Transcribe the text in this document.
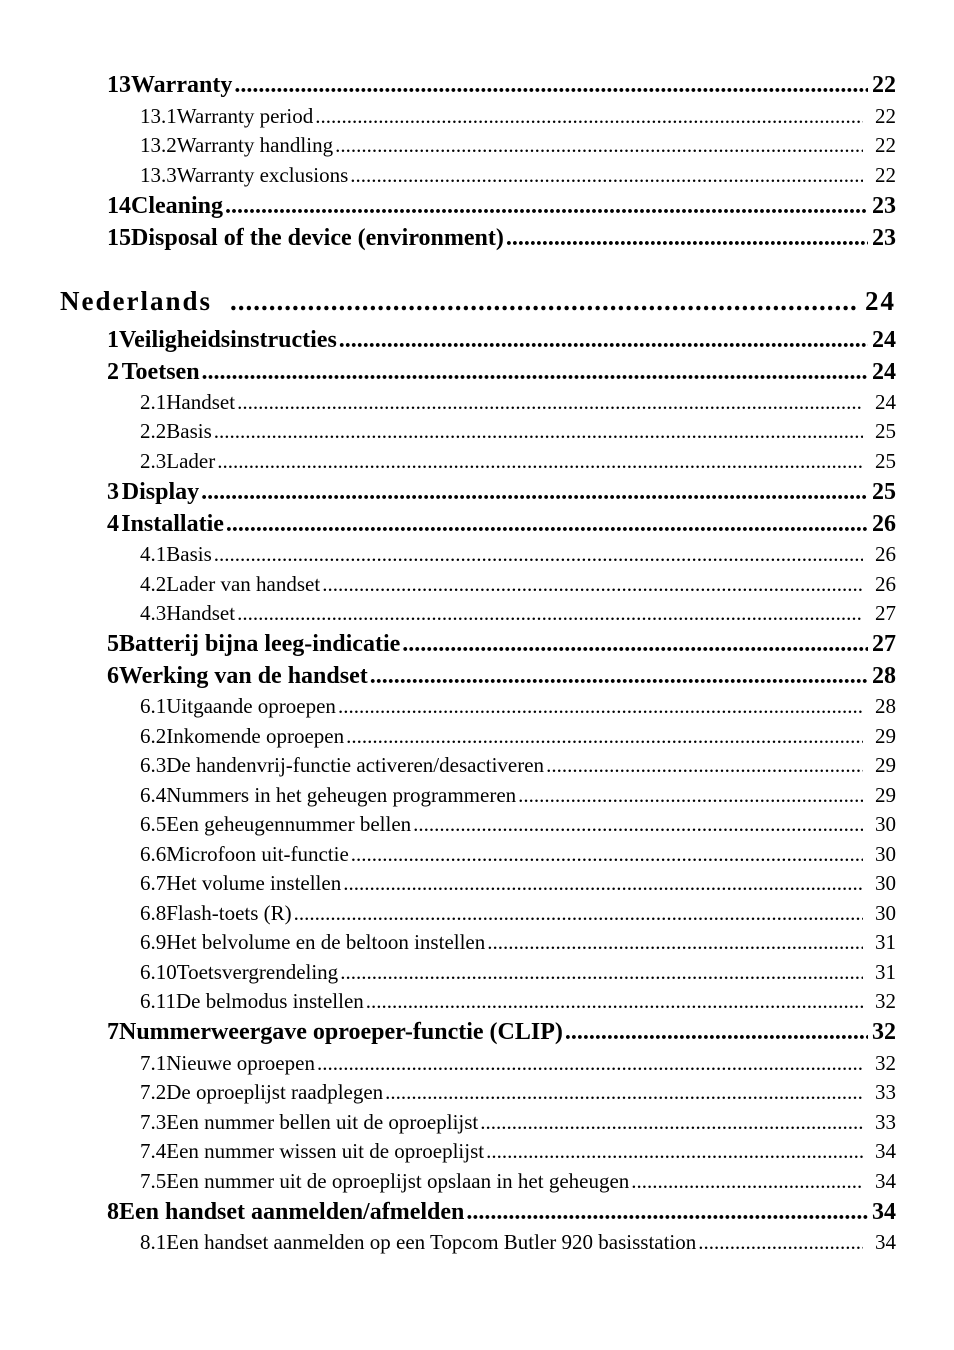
13 Warranty .....	22
13.1 Warranty period .....	22
13.2 Warranty handling .....	22
13.3 Warranty exclusions .....	22
14 Cleaning .....	23
15 Disposal of the device (environment) .....	23
Nederlands .....	24
1 Veiligheidsinstructies .....	24
2 Toetsen .....	24
2.1 Handset .....	24
2.2 Basis .....	25
2.3 Lader .....	25
3 Display .....	25
4 Installatie .....	26
4.1 Basis .....	26
4.2 Lader van handset .....	26
4.3 Handset .....	27
5 Batterij bijna leeg-indicatie .....	27
6 Werking van de handset .....	28
6.1 Uitgaande oproepen .....	28
6.2 Inkomende oproepen .....	29
6.3 De handenvrij-functie activeren/desactiveren .....	29
6.4 Nummers in het geheugen programmeren .....	29
6.5 Een geheugennummer bellen .....	30
6.6 Microfoon uit-functie .....	30
6.7 Het volume instellen .....	30
6.8 Flash-toets (R) .....	30
6.9 Het belvolume en de beltoon instellen .....	31
6.10 Toetsvergrendeling .....	31
6.11 De belmodus instellen .....	32
7 Nummerweergave oproeper-functie (CLIP) .....	32
7.1 Nieuwe oproepen .....	32
7.2 De oproeplijst raadplegen .....	33
7.3 Een nummer bellen uit de oproeplijst .....	33
7.4 Een nummer wissen uit de oproeplijst .....	34
7.5 Een nummer uit de oproeplijst opslaan in het geheugen .....	34
8 Een handset aanmelden/afmelden .....	34
8.1 Een handset aanmelden op een Topcom Butler 920 basisstation .....	34
